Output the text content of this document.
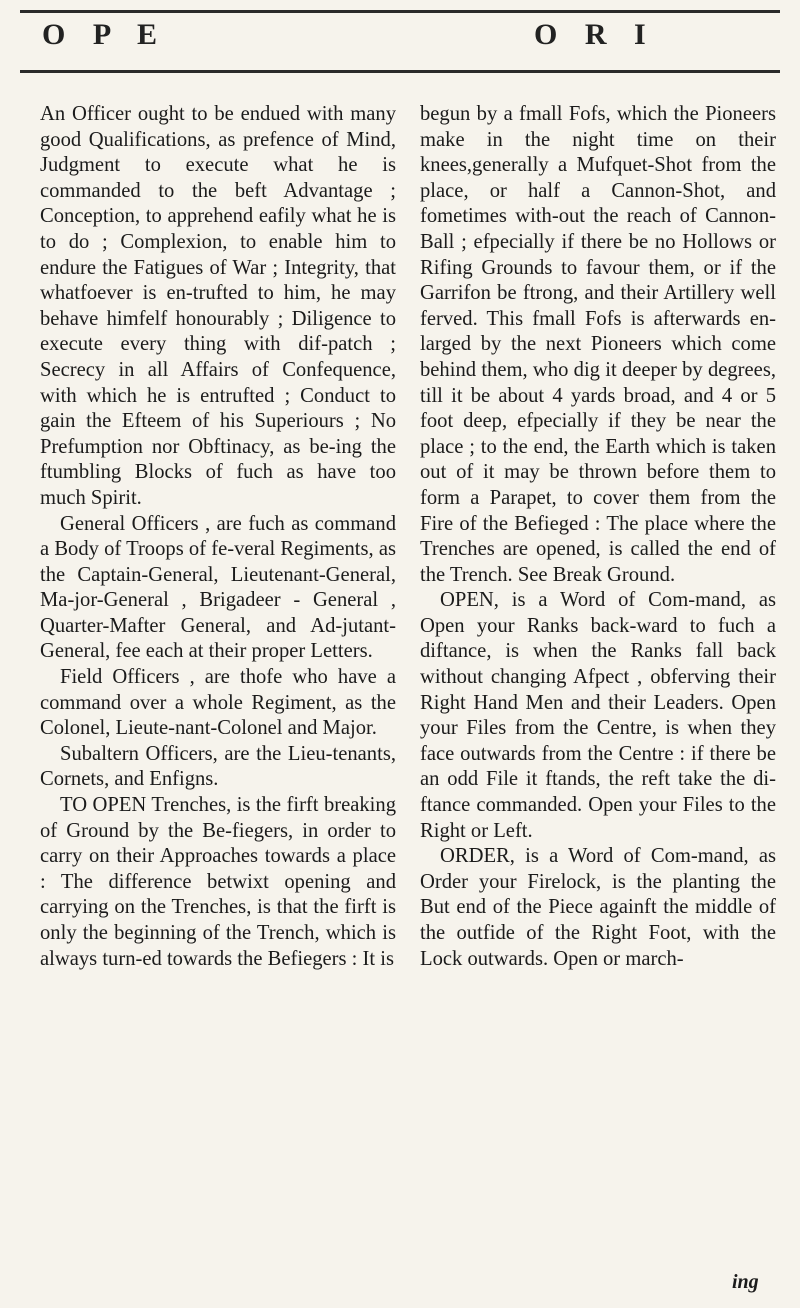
O P E	O R I

An Officer ought to be endued with many good Qualifications, as prefence of Mind, Judgment to execute what he is commanded to the beft Advantage ; Conception, to apprehend eafily what he is to do ; Complexion, to enable him to endure the Fatigues of War ; Integrity, that whatfoever is en-trufted to him, he may behave himfelf honourably ; Diligence to execute every thing with dif-patch ; Secrecy in all Affairs of Confequence, with which he is entrufted ; Conduct to gain the Efteem of his Superiours ; No Prefumption nor Obftinacy, as be-ing the ftumbling Blocks of fuch as have too much Spirit.

General Officers , are fuch as command a Body of Troops of fe-veral Regiments, as the Captain-General, Lieutenant-General, Ma-jor-General , Brigadeer - General , Quarter-Mafter General, and Ad-jutant-General, fee each at their proper Letters.

Field Officers , are thofe who have a command over a whole Regiment, as the Colonel, Lieute-nant-Colonel and Major.

Subaltern Officers, are the Lieu-tenants, Cornets, and Enfigns.

TO OPEN Trenches, is the firft breaking of Ground by the Be-fiegers, in order to carry on their Approaches towards a place : The difference betwixt opening and carrying on the Trenches, is that the firft is only the beginning of the Trench, which is always turn-ed towards the Befiegers : It is

begun by a fmall Fofs, which the Pioneers make in the night time on their knees,generally a Mufquet-Shot from the place, or half a Cannon-Shot, and fometimes with-out the reach of Cannon-Ball ; efpecially if there be no Hollows or Rifing Grounds to favour them, or if the Garrifon be ftrong, and their Artillery well ferved. This fmall Fofs is afterwards en-larged by the next Pioneers which come behind them, who dig it deeper by degrees, till it be about 4 yards broad, and 4 or 5 foot deep, efpecially if they be near the place ; to the end, the Earth which is taken out of it may be thrown before them to form a Parapet, to cover them from the Fire of the Befieged : The place where the Trenches are opened, is called the end of the Trench. See Break Ground.

OPEN, is a Word of Com-mand, as Open your Ranks back-ward to fuch a diftance, is when the Ranks fall back without changing Afpect , obferving their Right Hand Men and their Leaders. Open your Files from the Centre, is when they face outwards from the Centre : if there be an odd File it ftands, the reft take the di-ftance commanded. Open your Files to the Right or Left.

ORDER, is a Word of Com-mand, as Order your Firelock, is the planting the But end of the Piece againft the middle of the outfide of the Right Foot, with the Lock outwards. Open or march-

ing
